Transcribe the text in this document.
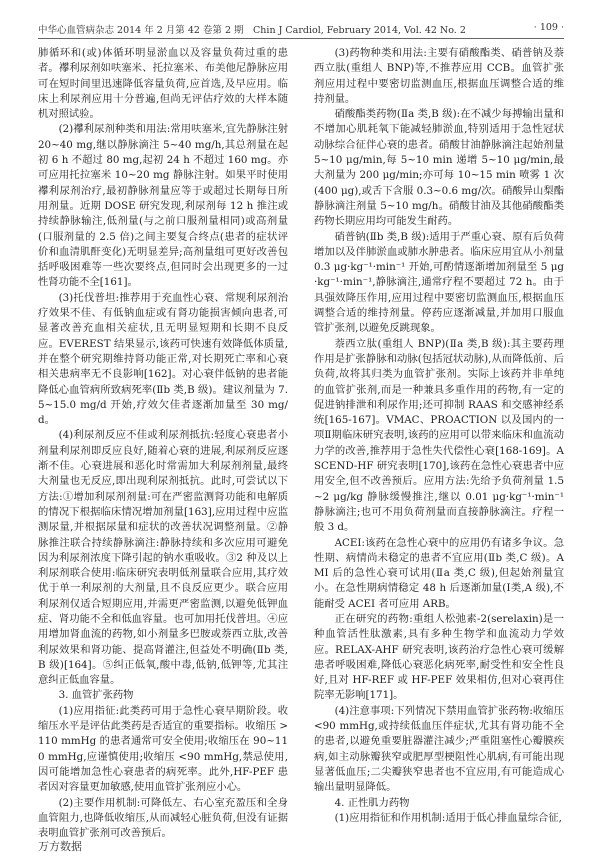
中华心血管病杂志 2014 年 2 月第 42 卷第 2 期　Chin J Cardiol, February 2014, Vol. 42 No. 2	· 109 ·

肺循环和(或)体循环明显淤血以及容量负荷过重的患者。襻利尿剂如呋塞米、托拉塞米、布美他尼静脉应用可在短时间里迅速降低容量负荷,应首选,及早应用。临床上利尿剂应用十分普遍,但尚无评估疗效的大样本随机对照试验。

(2)襻利尿剂种类和用法:常用呋塞米,宜先静脉注射 20~40 mg,继以静脉滴注 5~40 mg/h,其总剂量在起初 6 h 不超过 80 mg,起初 24 h 不超过 160 mg。亦可应用托拉塞米 10~20 mg 静脉注射。如果平时使用襻利尿剂治疗,最初静脉剂量应等于或超过长期每日所用剂量。近期 DOSE 研究发现,利尿剂每 12 h 推注或持续静脉输注,低剂量(与之前口服剂量相同)或高剂量(口服剂量的 2.5 倍)之间主要复合终点(患者的症状评价和血清肌酐变化)无明显差异;高剂量组可更好改善包括呼吸困难等一些次要终点,但同时会出现更多的一过性肾功能不全[161]。

(3)托伐普坦:推荐用于充血性心衰、常规利尿剂治疗效果不佳、有低钠血症或有肾功能损害倾向患者,可显著改善充血相关症状,且无明显短期和长期不良反应。EVEREST 结果显示,该药可快速有效降低体质量,并在整个研究期维持肾功能正常,对长期死亡率和心衰相关患病率无不良影响[162]。对心衰伴低钠的患者能降低心血管病所致病死率(Ⅱb 类,B 级)。建议剂量为 7.5~15.0 mg/d 开始,疗效欠佳者逐渐加量至 30 mg/d。

(4)利尿剂反应不佳或利尿剂抵抗:轻度心衰患者小剂量利尿剂即反应良好,随着心衰的进展,利尿剂反应逐渐不佳。心衰进展和恶化时常需加大利尿剂剂量,最终大剂量也无反应,即出现利尿剂抵抗。此时,可尝试以下方法:①增加利尿剂剂量:可在严密监测肾功能和电解质的情况下根据临床情况增加剂量[163],应用过程中应监测尿量,并根据尿量和症状的改善状况调整剂量。②静脉推注联合持续静脉滴注:静脉持续和多次应用可避免因为利尿剂浓度下降引起的钠水重吸收。③2 种及以上利尿剂联合使用:临床研究表明低剂量联合应用,其疗效优于单一利尿剂的大剂量,且不良反应更少。联合应用利尿剂仅适合短期应用,并需更严密监测,以避免低钾血症、肾功能不全和低血容量。也可加用托伐普坦。④应用增加肾血流的药物,如小剂量多巴胺或萘西立肽,改善利尿效果和肾功能、提高肾灌注,但益处不明确(Ⅱb 类,B 级)[164]。⑤纠正低氧,酸中毒,低钠,低钾等,尤其注意纠正低血容量。

3. 血管扩张药物

(1)应用指征:此类药可用于急性心衰早期阶段。收缩压水平是评估此类药是否适宜的重要指标。收缩压 >110 mmHg 的患者通常可安全使用;收缩压在 90~110 mmHg,应谨慎使用;收缩压 <90 mmHg,禁忌使用,因可能增加急性心衰患者的病死率。此外,HF-PEF 患者因对容量更加敏感,使用血管扩张剂应小心。

(2)主要作用机制:可降低左、右心室充盈压和全身血管阻力,也降低收缩压,从而减轻心脏负荷,但没有证据表明血管扩张剂可改善预后。

(3)药物种类和用法:主要有硝酸酯类、硝普钠及萘西立肽(重组人 BNP)等,不推荐应用 CCB。血管扩张剂应用过程中要密切监测血压,根据血压调整合适的维持剂量。

硝酸酯类药物(Ⅱa 类,B 级):在不减少每搏输出量和不增加心肌耗氧下能减轻肺淤血,特别适用于急性冠状动脉综合征伴心衰的患者。硝酸甘油静脉滴注起始剂量 5~10 μg/min,每 5~10 min 递增 5~10 μg/min,最大剂量为 200 μg/min;亦可每 10~15 min 喷雾 1 次(400 μg),或舌下含服 0.3~0.6 mg/次。硝酸异山梨酯静脉滴注剂量 5~10 mg/h。硝酸甘油及其他硝酸酯类药物长期应用均可能发生耐药。

硝普钠(Ⅱb 类,B 级):适用于严重心衰、原有后负荷增加以及伴肺淤血或肺水肿患者。临床应用宜从小剂量 0.3 μg·kg⁻¹·min⁻¹ 开始,可酌情逐渐增加剂量至 5 μg·kg⁻¹·min⁻¹,静脉滴注,通常疗程不要超过 72 h。由于具强效降压作用,应用过程中要密切监测血压,根据血压调整合适的维持剂量。停药应逐渐减量,并加用口服血管扩张剂,以避免反跳现象。

萘西立肽(重组人 BNP)(Ⅱa 类,B 级):其主要药理作用是扩张静脉和动脉(包括冠状动脉),从而降低前、后负荷,故将其归类为血管扩张剂。实际上该药并非单纯的血管扩张剂,而是一种兼具多重作用的药物,有一定的促进钠排泄和利尿作用;还可抑制 RAAS 和交感神经系统[165-167]。VMAC、PROACTION 以及国内的一项Ⅱ期临床研究表明,该药的应用可以带来临床和血流动力学的改善,推荐用于急性失代偿性心衰[168-169]。ASCEND-HF 研究表明[170],该药在急性心衰患者中应用安全,但不改善预后。应用方法:先给予负荷剂量 1.5~2 μg/kg 静脉缓慢推注,继以 0.01 μg·kg⁻¹·min⁻¹ 静脉滴注;也可不用负荷剂量而直接静脉滴注。疗程一般 3 d。

ACEI:该药在急性心衰中的应用仍有诸多争议。急性期、病情尚未稳定的患者不宜应用(Ⅱb 类,C 级)。AMI 后的急性心衰可试用(Ⅱa 类,C 级),但起始剂量宜小。在急性期病情稳定 48 h 后逐渐加量(Ⅰ类,A 级),不能耐受 ACEI 者可应用 ARB。

正在研究的药物:重组人松弛素-2(serelaxin)是一种血管活性肽激素,具有多种生物学和血流动力学效应。RELAX-AHF 研究表明,该药治疗急性心衰可缓解患者呼吸困难,降低心衰恶化病死率,耐受性和安全性良好,且对 HF-REF 或 HF-PEF 效果相仿,但对心衰再住院率无影响[171]。

(4)注意事项:下列情况下禁用血管扩张药物:收缩压 <90 mmHg,或持续低血压伴症状,尤其有肾功能不全的患者,以避免重要脏器灌注减少;严重阻塞性心瓣膜疾病,如主动脉瓣狭窄或肥厚型梗阻性心肌病,有可能出现显著低血压;二尖瓣狭窄患者也不宜应用,有可能造成心输出量明显降低。

4. 正性肌力药物

(1)应用指征和作用机制:适用于低心排血量综合征,

万方数据
